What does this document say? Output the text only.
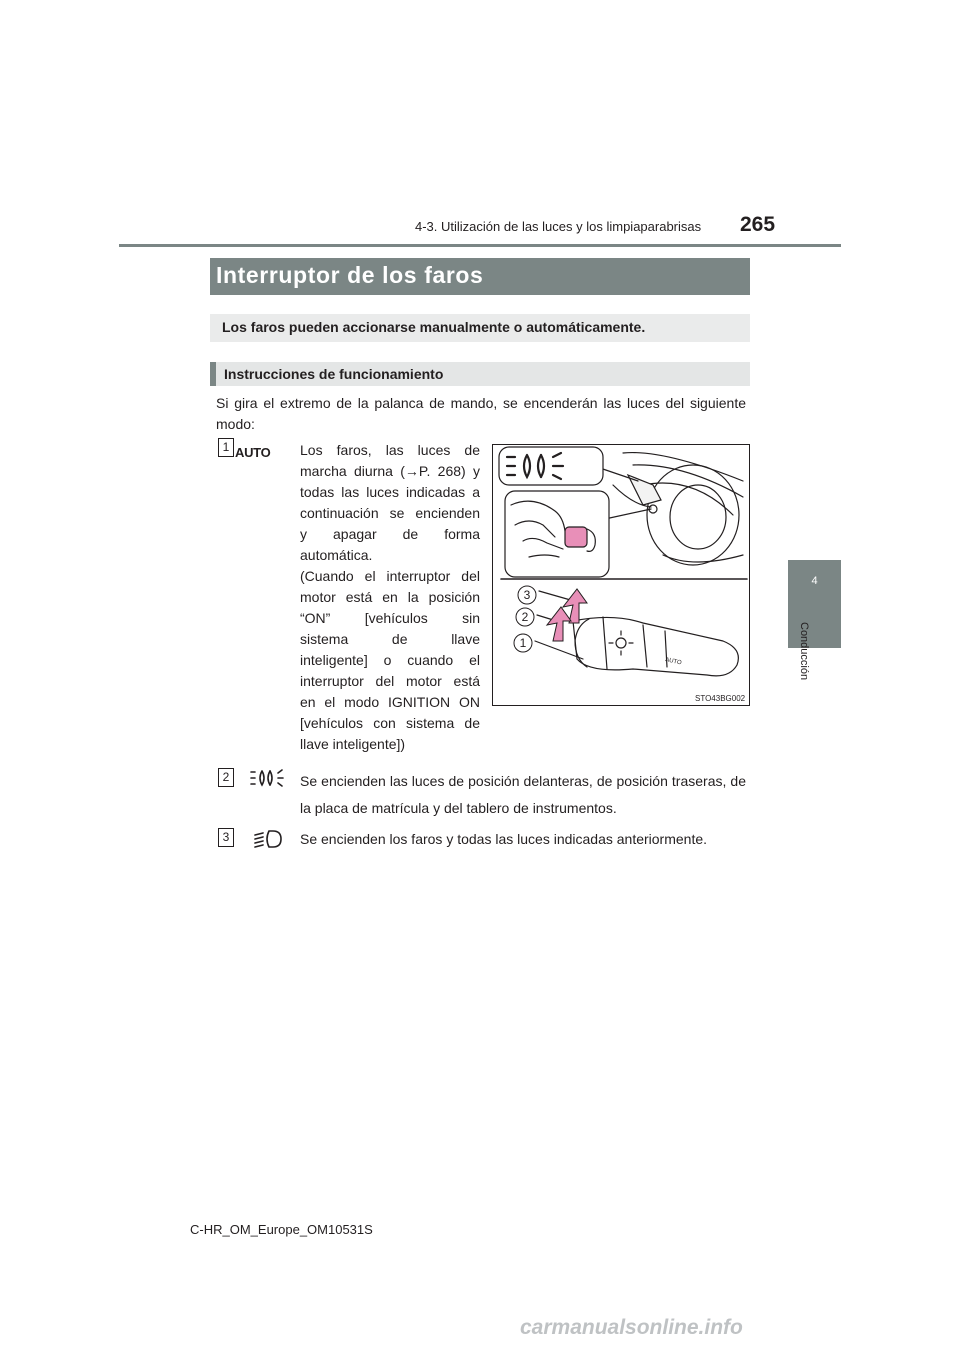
4-3. Utilización de las luces y los limpiaparabrisas 265
4
Conducción
Interruptor de los faros
Los faros pueden accionarse manualmente o automáticamente.
Instrucciones de funcionamiento
Si gira el extremo de la palanca de mando, se encenderán las luces del siguiente modo:
1 AUTO Los faros, las luces de
marcha diurna (→P. 268) y
todas las luces indicadas a
continuación se encienden
y apagar de forma
automática.
(Cuando el interruptor del
motor está en la posición
“ON” [vehículos sin
sistema de llave
inteligente] o cuando el
interruptor del motor está
en el modo IGNITION ON
[vehículos con sistema de
llave inteligente])
3
2
1
AUTO
STO43BG002
2	Se encienden las luces de posición delanteras, de posición traseras, de la placa de matrícula y del tablero de instrumentos.
3	Se encienden los faros y todas las luces indicadas anteriormente.
C-HR_OM_Europe_OM10531S
carmanualsonline.info
